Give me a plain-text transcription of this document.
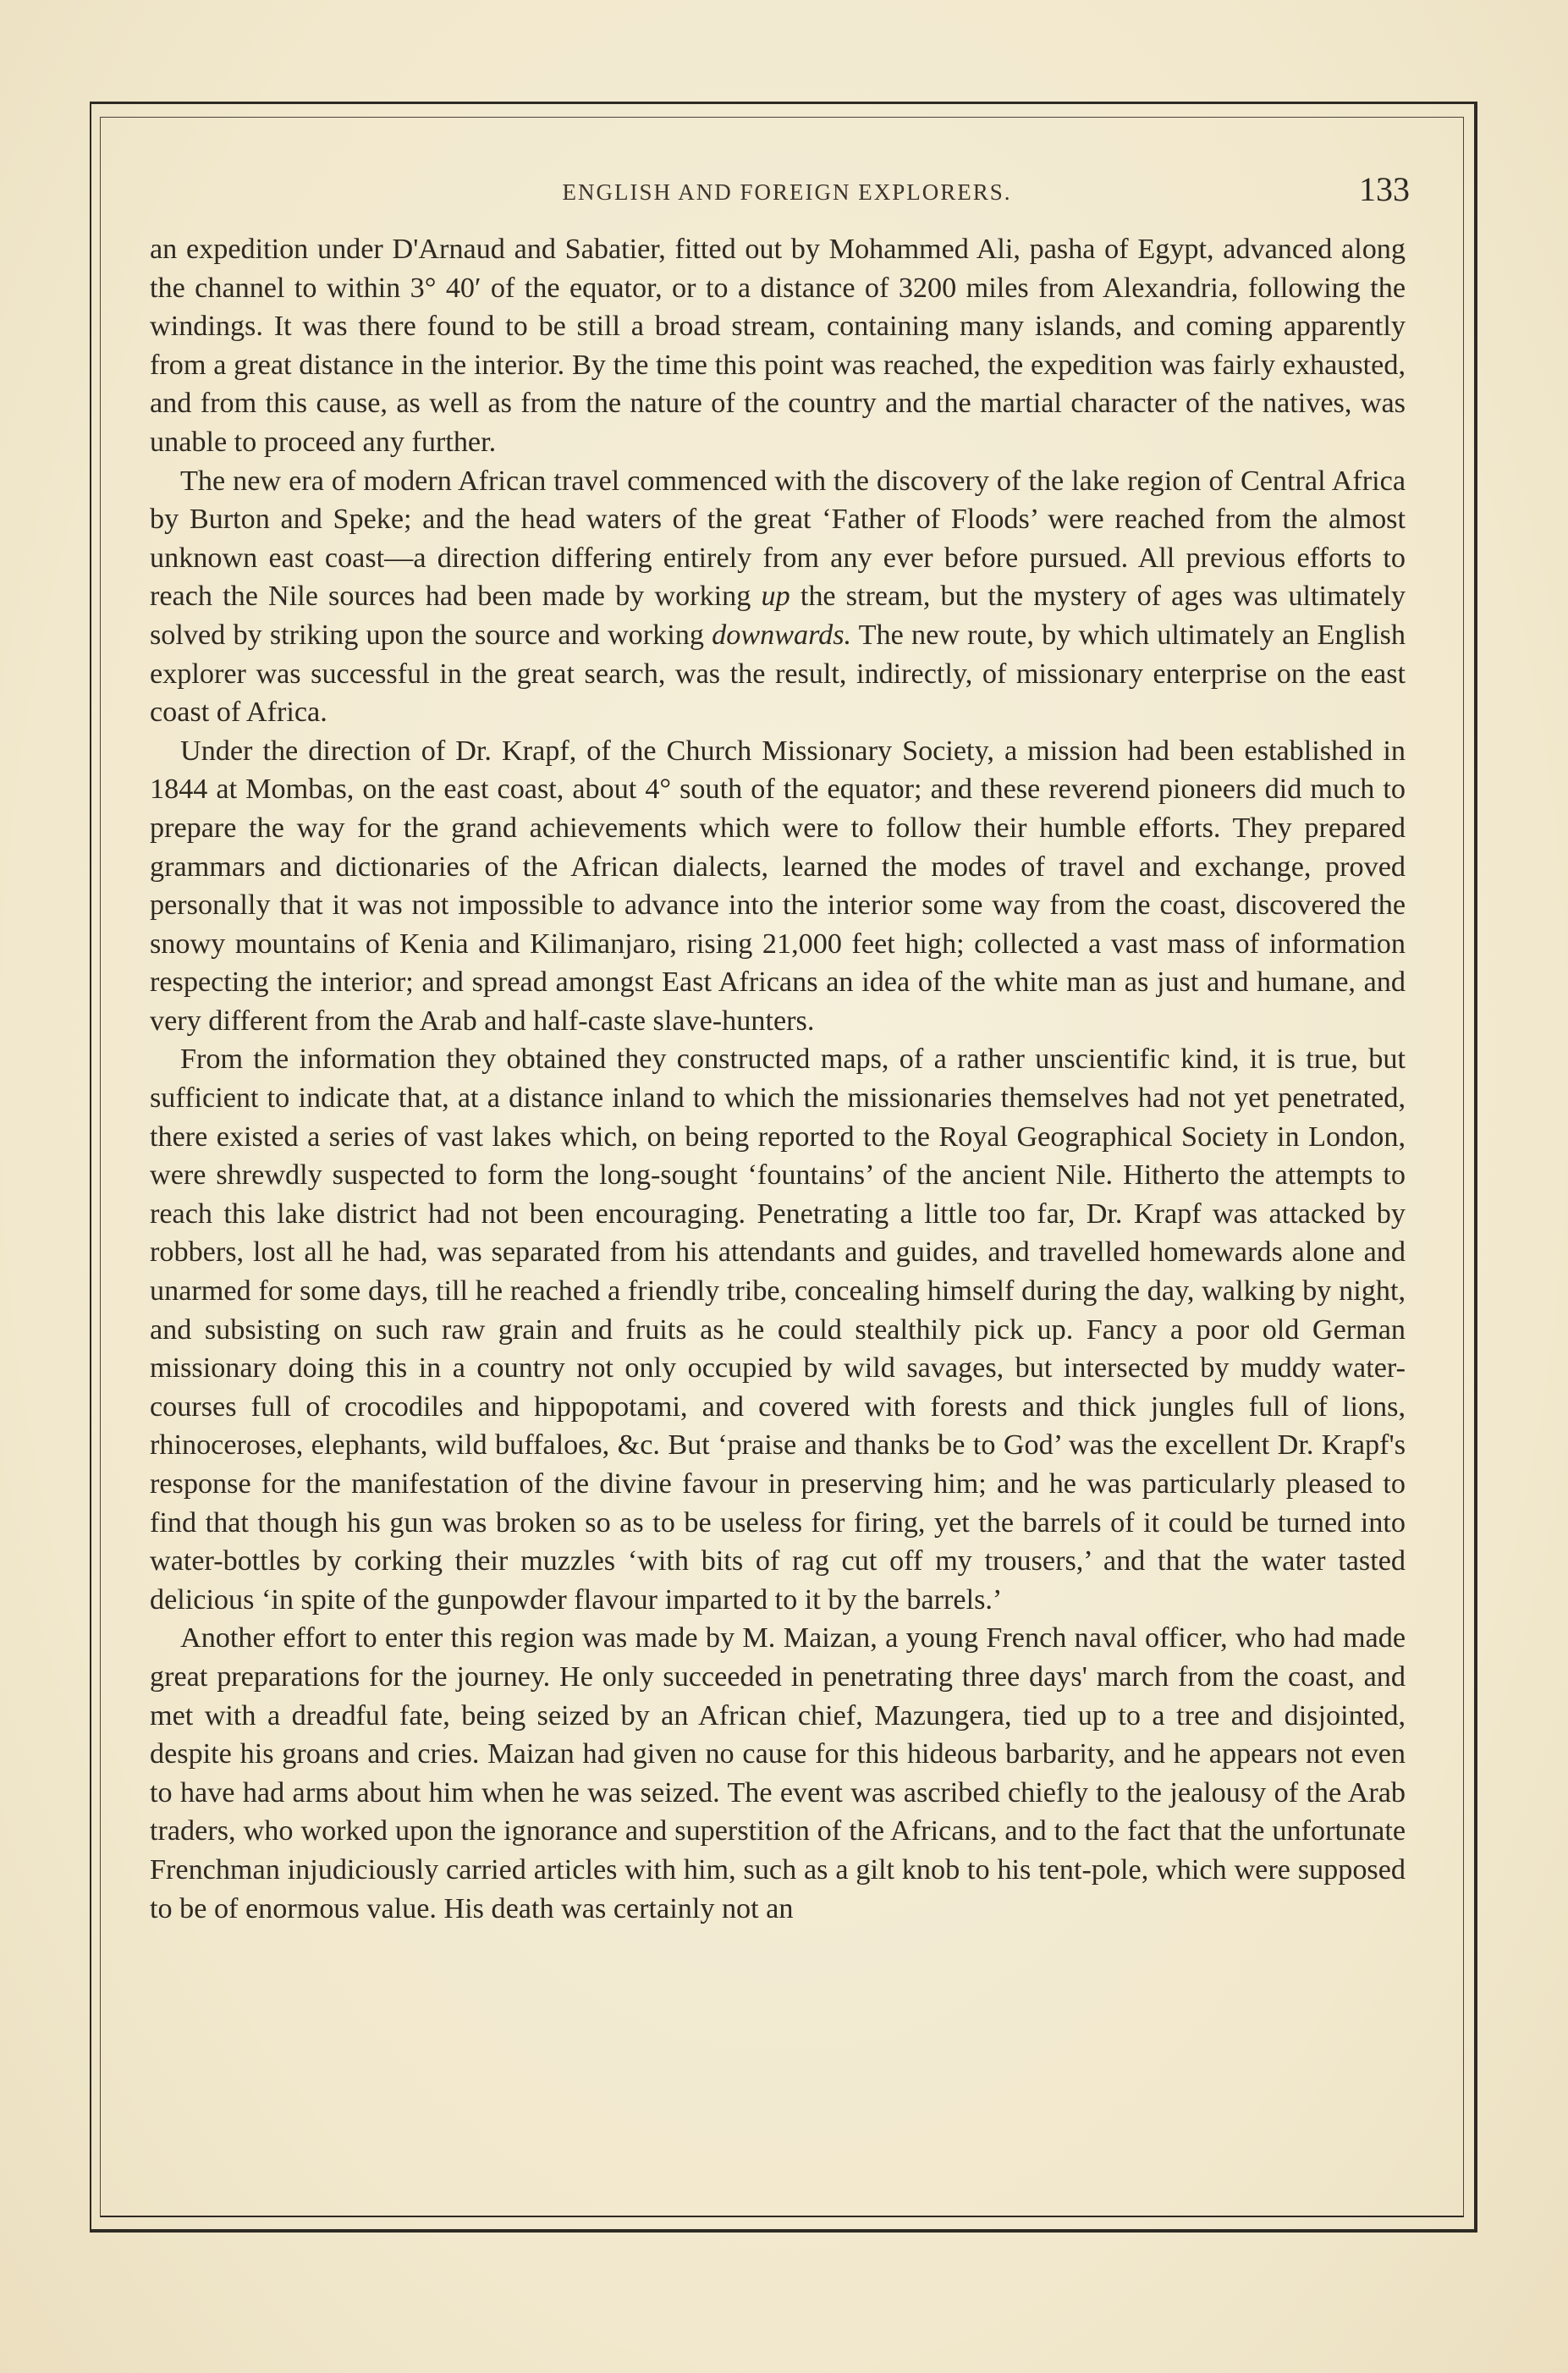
ENGLISH AND FOREIGN EXPLORERS.	133

an expedition under D'Arnaud and Sabatier, fitted out by Mohammed Ali, pasha of Egypt, advanced along the channel to within 3° 40′ of the equator, or to a distance of 3200 miles from Alexandria, following the windings. It was there found to be still a broad stream, containing many islands, and coming apparently from a great distance in the interior. By the time this point was reached, the expedition was fairly exhausted, and from this cause, as well as from the nature of the country and the martial character of the natives, was unable to proceed any further.

The new era of modern African travel commenced with the discovery of the lake region of Central Africa by Burton and Speke; and the head waters of the great ‘Father of Floods’ were reached from the almost unknown east coast—a direction differing entirely from any ever before pursued. All previous efforts to reach the Nile sources had been made by working up the stream, but the mystery of ages was ultimately solved by striking upon the source and working downwards. The new route, by which ultimately an English explorer was successful in the great search, was the result, indirectly, of missionary enterprise on the east coast of Africa.

Under the direction of Dr. Krapf, of the Church Missionary Society, a mission had been established in 1844 at Mombas, on the east coast, about 4° south of the equator; and these reverend pioneers did much to prepare the way for the grand achievements which were to follow their humble efforts. They prepared grammars and dictionaries of the African dialects, learned the modes of travel and exchange, proved personally that it was not impossible to advance into the interior some way from the coast, discovered the snowy mountains of Kenia and Kilimanjaro, rising 21,000 feet high; collected a vast mass of information respecting the interior; and spread amongst East Africans an idea of the white man as just and humane, and very different from the Arab and half-caste slave-hunters.

From the information they obtained they constructed maps, of a rather unscientific kind, it is true, but sufficient to indicate that, at a distance inland to which the missionaries themselves had not yet penetrated, there existed a series of vast lakes which, on being reported to the Royal Geographical Society in London, were shrewdly suspected to form the long-sought ‘fountains’ of the ancient Nile. Hitherto the attempts to reach this lake district had not been encouraging. Penetrating a little too far, Dr. Krapf was attacked by robbers, lost all he had, was separated from his attendants and guides, and travelled homewards alone and unarmed for some days, till he reached a friendly tribe, concealing himself during the day, walking by night, and subsisting on such raw grain and fruits as he could stealthily pick up. Fancy a poor old German missionary doing this in a country not only occupied by wild savages, but intersected by muddy water-courses full of crocodiles and hippopotami, and covered with forests and thick jungles full of lions, rhinoceroses, elephants, wild buffaloes, &c. But ‘praise and thanks be to God’ was the excellent Dr. Krapf's response for the manifestation of the divine favour in preserving him; and he was particularly pleased to find that though his gun was broken so as to be useless for firing, yet the barrels of it could be turned into water-bottles by corking their muzzles ‘with bits of rag cut off my trousers,’ and that the water tasted delicious ‘in spite of the gunpowder flavour imparted to it by the barrels.’

Another effort to enter this region was made by M. Maizan, a young French naval officer, who had made great preparations for the journey. He only succeeded in penetrating three days' march from the coast, and met with a dreadful fate, being seized by an African chief, Mazungera, tied up to a tree and disjointed, despite his groans and cries. Maizan had given no cause for this hideous barbarity, and he appears not even to have had arms about him when he was seized. The event was ascribed chiefly to the jealousy of the Arab traders, who worked upon the ignorance and superstition of the Africans, and to the fact that the unfortunate Frenchman injudiciously carried articles with him, such as a gilt knob to his tent-pole, which were supposed to be of enormous value. His death was certainly not an
